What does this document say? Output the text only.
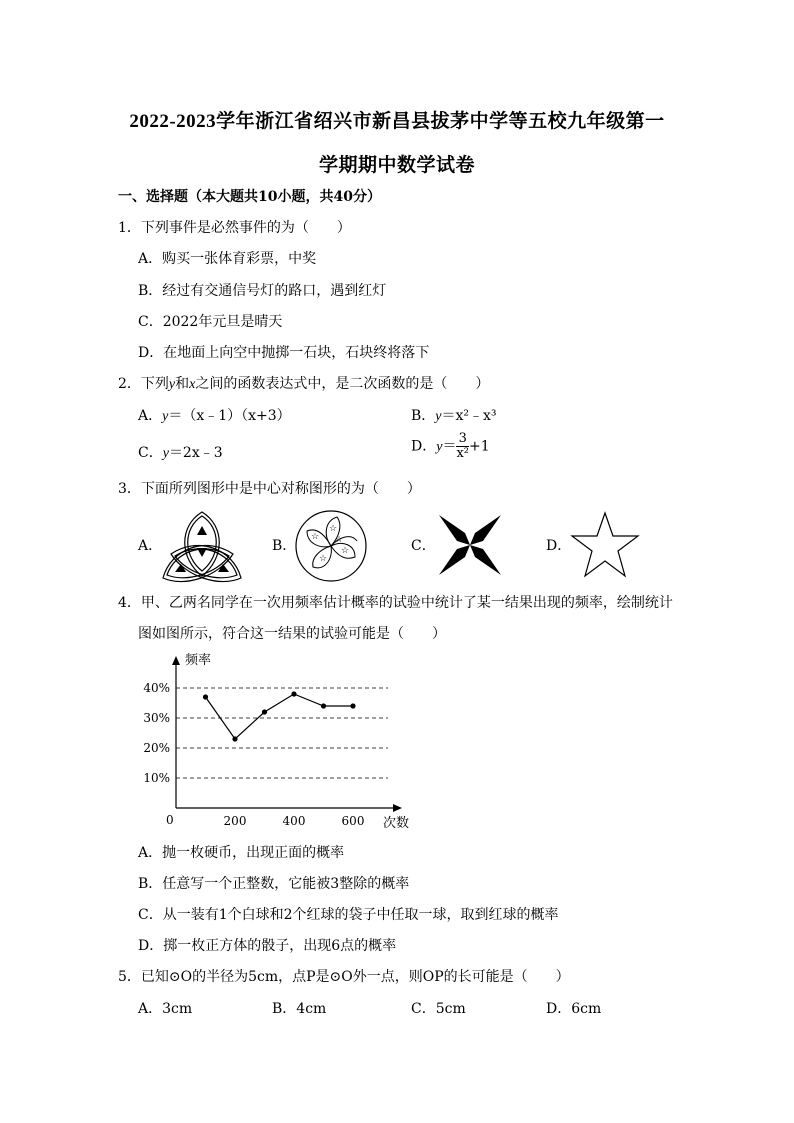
2022-2023学年浙江省绍兴市新昌县拔茅中学等五校九年级第一
学期期中数学试卷
一、选择题（本大题共10小题，共40分）
1．下列事件是必然事件的为（　　）
A．购买一张体育彩票，中奖
B．经过有交通信号灯的路口，遇到红灯
C．2022年元旦是晴天
D．在地面上向空中抛掷一石块，石块终将落下
2．下列y和x之间的函数表达式中，是二次函数的是（　　）
A．y＝（x﹣1）（x+3）	B．y＝x²﹣x³
C．y＝2x﹣3	D．$y= \frac{3}{\text{x²}} +1$
3．下面所列图形中是中心对称图形的为（　　）
A．	B．	C．	D．
☆
☆
☆
☆ ☆
4．甲、乙两名同学在一次用频率估计概率的试验中统计了某一结果出现的频率，绘制统计
图如图所示，符合这一结果的试验可能是（　　）
频率
次数
0	200	400	600
10%
20%
30%
40%
A．抛一枚硬币，出现正面的概率
B．任意写一个正整数，它能被3整除的概率
C．从一装有1个白球和2个红球的袋子中任取一球，取到红球的概率
D．掷一枚正方体的骰子，出现6点的概率
5．已知⊙O的半径为5cm，点P是⊙O外一点，则OP的长可能是（　　）
A．3cm	B．4cm	C．5cm	D．6cm
